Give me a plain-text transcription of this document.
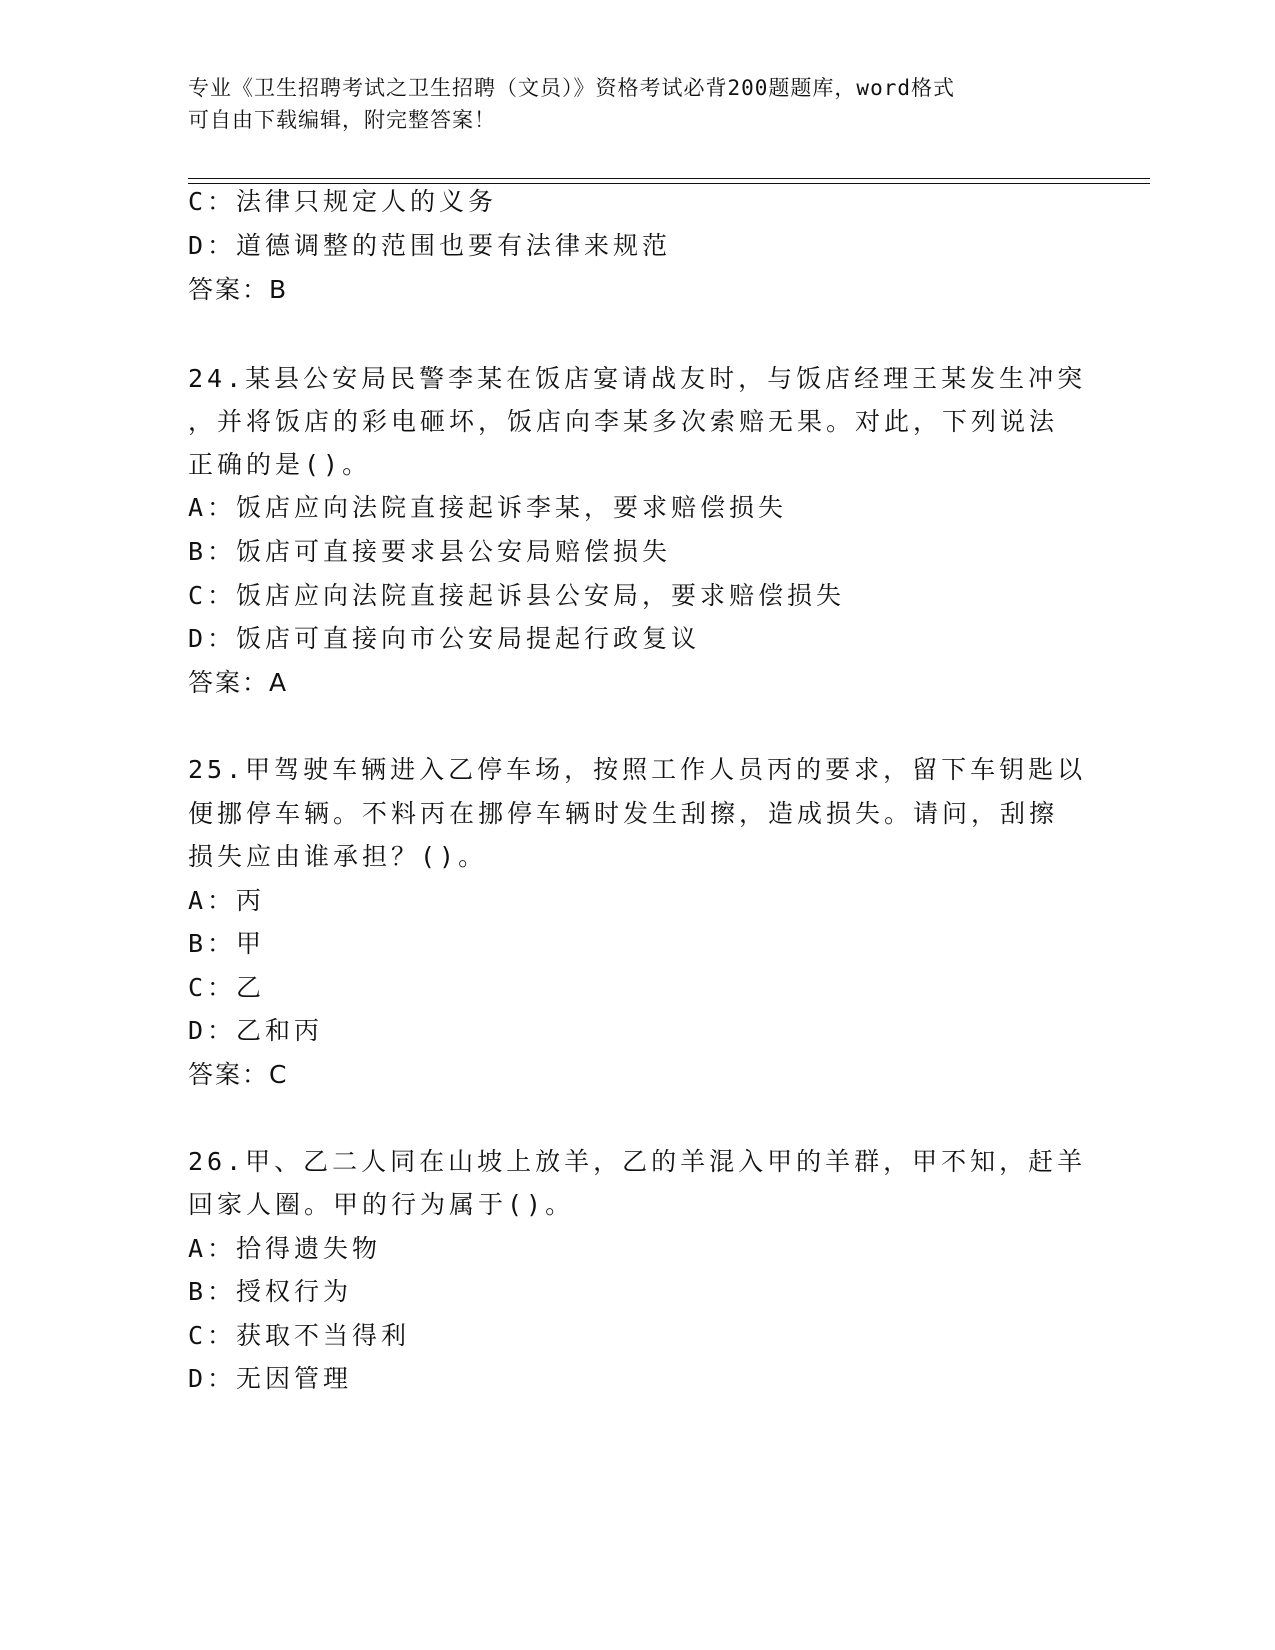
专业《卫生招聘考试之卫生招聘（文员）》资格考试必背200题题库，word格式
可自由下载编辑，附完整答案！
C：法律只规定人的义务
D：道德调整的范围也要有法律来规范
答案：B
24.某县公安局民警李某在饭店宴请战友时，与饭店经理王某发生冲突
，并将饭店的彩电砸坏，饭店向李某多次索赔无果。对此，下列说法
正确的是()。
A：饭店应向法院直接起诉李某，要求赔偿损失
B：饭店可直接要求县公安局赔偿损失
C：饭店应向法院直接起诉县公安局，要求赔偿损失
D：饭店可直接向市公安局提起行政复议
答案：A
25.甲驾驶车辆进入乙停车场，按照工作人员丙的要求，留下车钥匙以
便挪停车辆。不料丙在挪停车辆时发生刮擦，造成损失。请问，刮擦
损失应由谁承担？()。
A：丙
B：甲
C：乙
D：乙和丙
答案：C
26.甲、乙二人同在山坡上放羊，乙的羊混入甲的羊群，甲不知，赶羊
回家人圈。甲的行为属于()。
A：拾得遗失物
B：授权行为
C：获取不当得利
D：无因管理
